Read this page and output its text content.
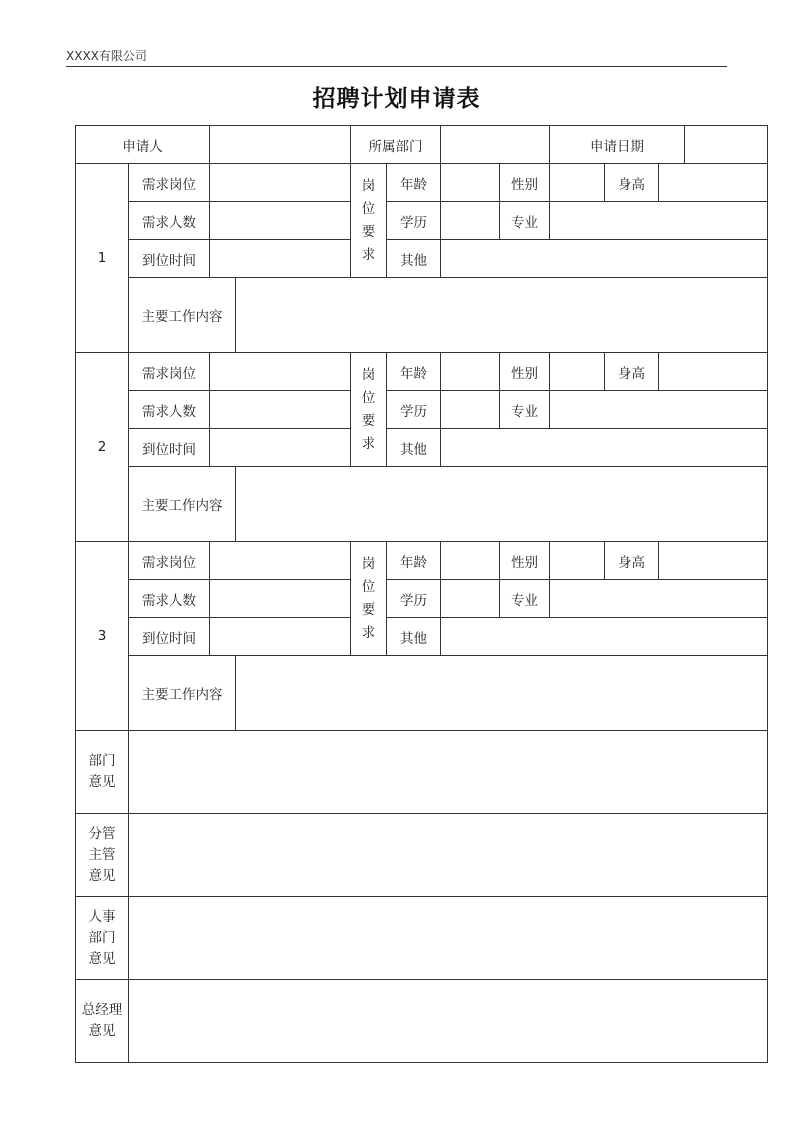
XXXX有限公司
招聘计划申请表
申请人				所属部门				申请日期			
1	需求岗位			岗位要求	年龄		性别		身高		
	需求人数				学历		专业				
	到位时间				其他						
	主要工作内容										
2	需求岗位			岗位要求	年龄		性别		身高		
	需求人数				学历		专业				
	到位时间				其他						
	主要工作内容										
3	需求岗位			岗位要求	年龄		性别		身高		
	需求人数				学历		专业				
	到位时间				其他						
	主要工作内容										
部门意见											
分管主管意见											
人事部门意见											
总经理意见											
